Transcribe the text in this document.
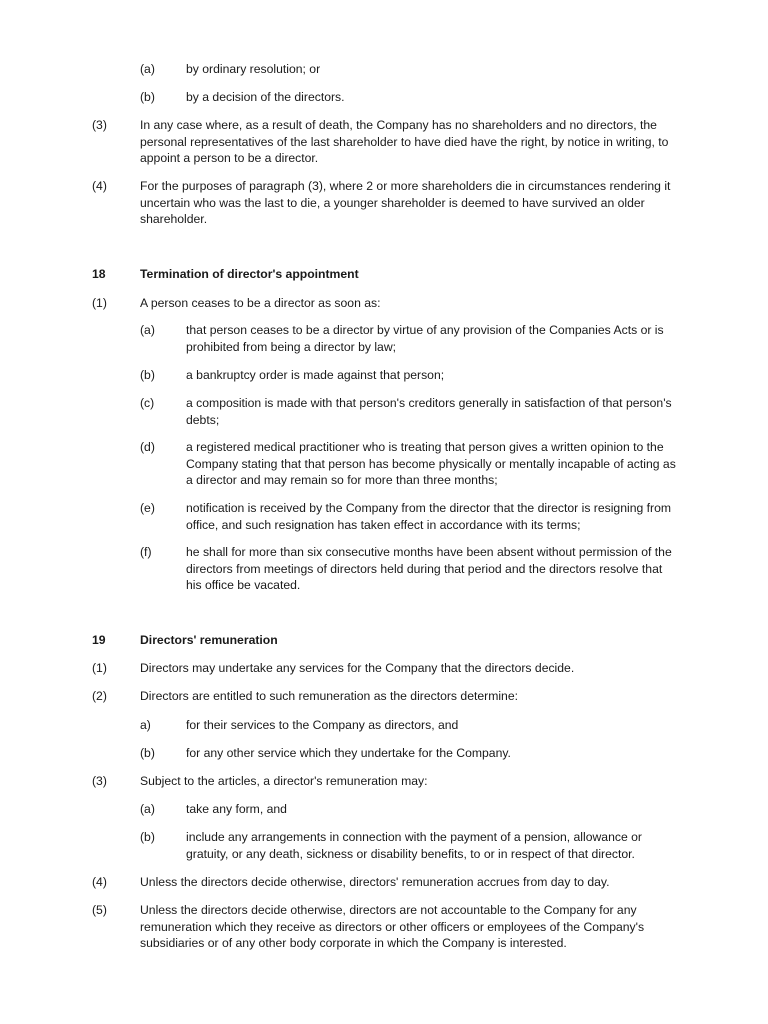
(a)	by ordinary resolution; or
(b)	by a decision of the directors.
(3)	In any case where, as a result of death, the Company has no shareholders and no directors, the personal representatives of the last shareholder to have died have the right, by notice in writing, to appoint a person to be a director.
(4)	For the purposes of paragraph (3), where 2 or more shareholders die in circumstances rendering it uncertain who was the last to die, a younger shareholder is deemed to have survived an older shareholder.
18	Termination of director's appointment
(1)	A person ceases to be a director as soon as:
(a)	that person ceases to be a director by virtue of any provision of the Companies Acts or is prohibited from being a director by law;
(b)	a bankruptcy order is made against that person;
(c)	a composition is made with that person's creditors generally in satisfaction of that person's debts;
(d)	a registered medical practitioner who is treating that person gives a written opinion to the Company stating that that person has become physically or mentally incapable of acting as a director and may remain so for more than three months;
(e)	notification is received by the Company from the director that the director is resigning from office, and such resignation has taken effect in accordance with its terms;
(f)	he shall for more than six consecutive months have been absent without permission of the directors from meetings of directors held during that period and the directors resolve that his office be vacated.
19	Directors' remuneration
(1)	Directors may undertake any services for the Company that the directors decide.
(2)	Directors are entitled to such remuneration as the directors determine:
a)	for their services to the Company as directors, and
(b)	for any other service which they undertake for the Company.
(3)	Subject to the articles, a director's remuneration may:
(a)	take any form, and
(b)	include any arrangements in connection with the payment of a pension, allowance or gratuity, or any death, sickness or disability benefits, to or in respect of that director.
(4)	Unless the directors decide otherwise, directors' remuneration accrues from day to day.
(5)	Unless the directors decide otherwise, directors are not accountable to the Company for any remuneration which they receive as directors or other officers or employees of the Company's subsidiaries or of any other body corporate in which the Company is interested.
